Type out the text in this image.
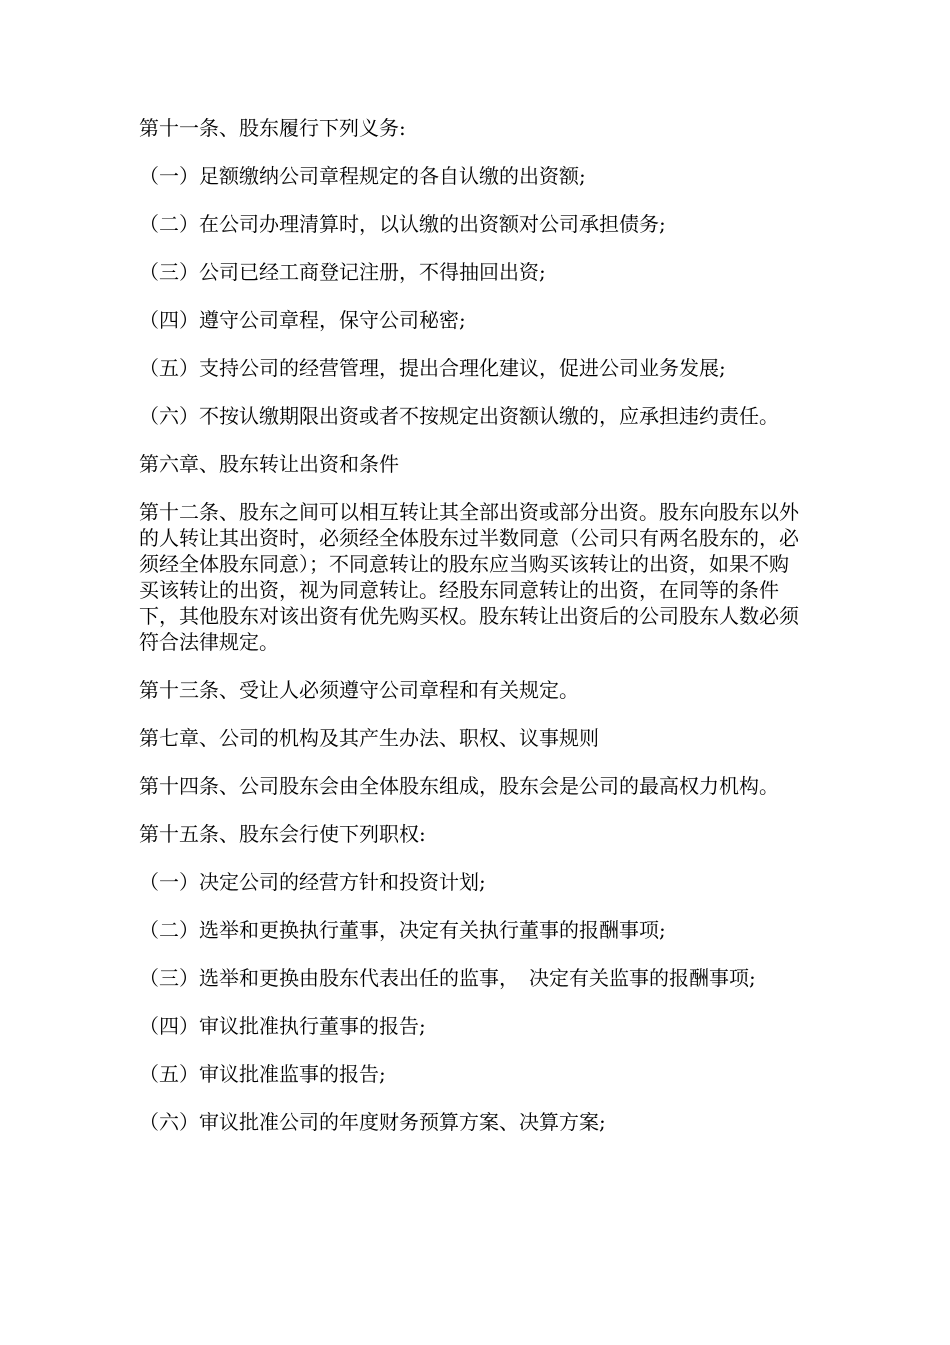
第十一条、股东履行下列义务:

（一）足额缴纳公司章程规定的各自认缴的出资额;

（二）在公司办理清算时，以认缴的出资额对公司承担债务;

（三）公司已经工商登记注册，不得抽回出资;

（四）遵守公司章程，保守公司秘密;

（五）支持公司的经营管理，提出合理化建议，促进公司业务发展;

（六）不按认缴期限出资或者不按规定出资额认缴的，应承担违约责任。

第六章、股东转让出资和条件

第十二条、股东之间可以相互转让其全部出资或部分出资。股东向股东以外的人转让其出资时，必须经全体股东过半数同意（公司只有两名股东的，必须经全体股东同意）；不同意转让的股东应当购买该转让的出资，如果不购买该转让的出资，视为同意转让。经股东同意转让的出资，在同等的条件下，其他股东对该出资有优先购买权。股东转让出资后的公司股东人数必须符合法律规定。

第十三条、受让人必须遵守公司章程和有关规定。

第七章、公司的机构及其产生办法、职权、议事规则

第十四条、公司股东会由全体股东组成，股东会是公司的最高权力机构。

第十五条、股东会行使下列职权:

（一）决定公司的经营方针和投资计划;

（二）选举和更换执行董事，决定有关执行董事的报酬事项;

（三）选举和更换由股东代表出任的监事，　决定有关监事的报酬事项;

（四）审议批准执行董事的报告;

（五）审议批准监事的报告;

（六）审议批准公司的年度财务预算方案、决算方案;
